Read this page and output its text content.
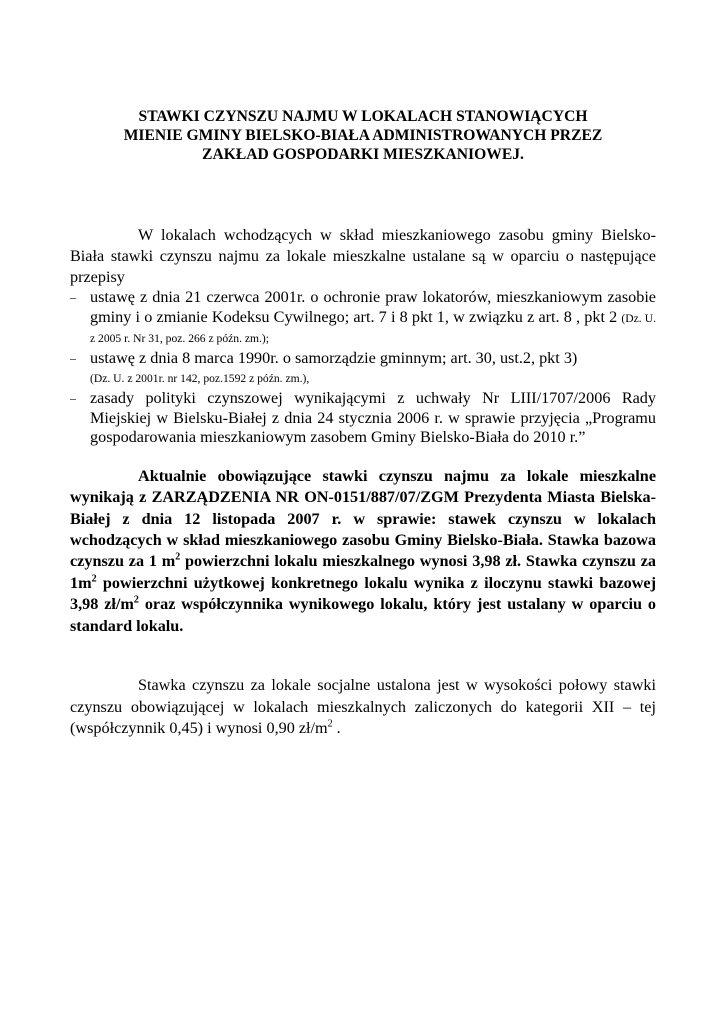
STAWKI CZYNSZU NAJMU W LOKALACH STANOWIĄCYCH
MIENIE GMINY BIELSKO-BIAŁA ADMINISTROWANYCH PRZEZ
ZAKŁAD GOSPODARKI MIESZKANIOWEJ.

W lokalach wchodzących w skład mieszkaniowego zasobu gminy Bielsko-Biała stawki czynszu najmu za lokale mieszkalne ustalane są w oparciu o następujące przepisy

– ustawę z dnia 21 czerwca 2001r. o ochronie praw lokatorów, mieszkaniowym zasobie gminy i o zmianie Kodeksu Cywilnego; art. 7 i 8 pkt 1, w związku z art. 8 , pkt 2 (Dz. U. z 2005 r. Nr 31, poz. 266 z późn. zm.);
– ustawę z dnia 8 marca 1990r. o samorządzie gminnym; art. 30, ust.2, pkt 3)
(Dz. U. z 2001r. nr 142, poz.1592 z późn. zm.),
– zasady polityki czynszowej wynikającymi z uchwały Nr LIII/1707/2006 Rady Miejskiej w Bielsku-Białej z dnia 24 stycznia 2006 r. w sprawie przyjęcia „Programu gospodarowania mieszkaniowym zasobem Gminy Bielsko-Biała do 2010 r.”

Aktualnie obowiązujące stawki czynszu najmu za lokale mieszkalne wynikają z ZARZĄDZENIA NR ON-0151/887/07/ZGM Prezydenta Miasta Bielska-Białej z dnia 12 listopada 2007 r. w sprawie: stawek czynszu w lokalach wchodzących w skład mieszkaniowego zasobu Gminy Bielsko-Biała. Stawka bazowa czynszu za 1 $m^2$ powierzchni lokalu mieszkalnego wynosi 3,98 zł. Stawka czynszu za $1m^2$ powierzchni użytkowej konkretnego lokalu wynika z iloczynu stawki bazowej 3,98 $zł/m^2$ oraz współczynnika wynikowego lokalu, który jest ustalany w oparciu o standard lokalu.

Stawka czynszu za lokale socjalne ustalona jest w wysokości połowy stawki czynszu obowiązującej w lokalach mieszkalnych zaliczonych do kategorii XII – tej (współczynnik 0,45) i wynosi 0,90 $zł/m^2$ .
